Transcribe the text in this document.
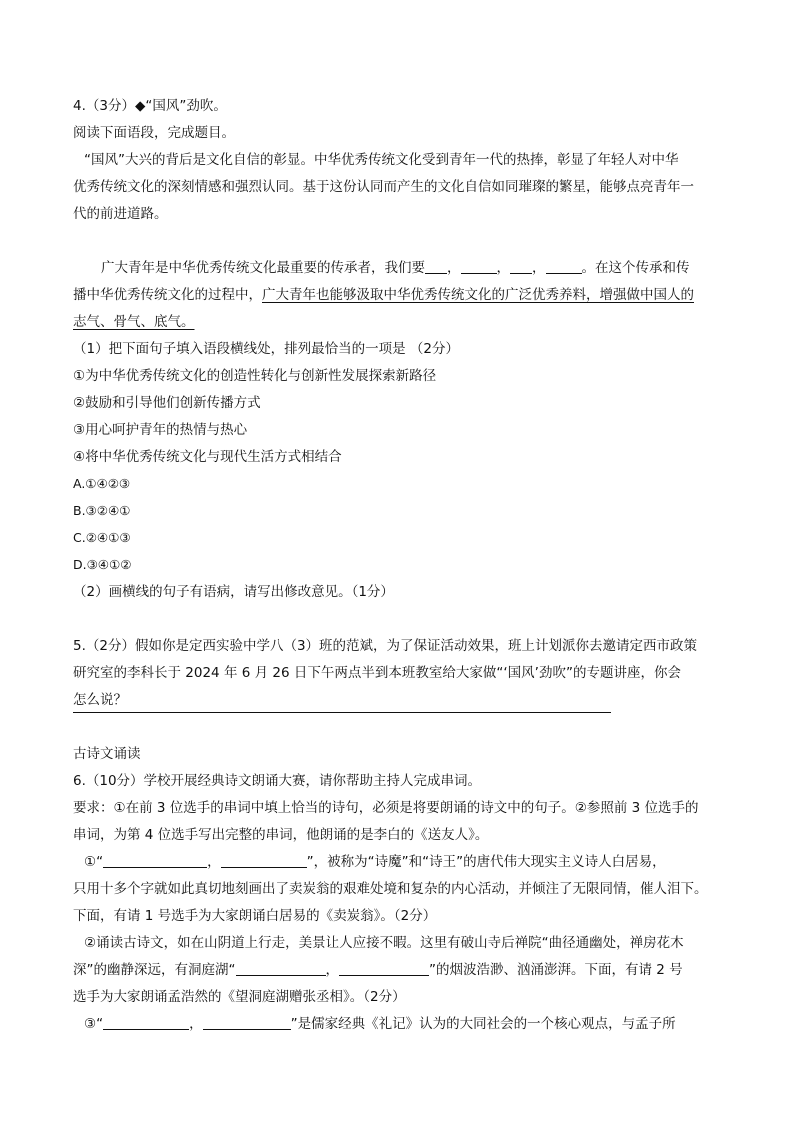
4.（3分）◆“国风”劲吹。
阅读下面语段，完成题目。
“国风”大兴的背后是文化自信的彰显。中华优秀传统文化受到青年一代的热捧，彰显了年轻人对中华
优秀传统文化的深刻情感和强烈认同。基于这份认同而产生的文化自信如同璀璨的繁星，能够点亮青年一
代的前进道路。
广大青年是中华优秀传统文化最重要的传承者，我们要 ，	， ，	。在这个传承和传
播中华优秀传统文化的过程中，广大青年也能够汲取中华优秀传统文化的广泛优秀养料，增强做中国人的
志气、骨气、底气。
（1）把下面句子填入语段横线处，排列最恰当的一项是 （2分）
①为中华优秀传统文化的创造性转化与创新性发展探索新路径
②鼓励和引导他们创新传播方式
③用心呵护青年的热情与热心
④将中华优秀传统文化与现代生活方式相结合
A.①④②③
B.③②④①
C.②④①③
D.③④①②
（2）画横线的句子有语病，请写出修改意见。（1分）
5.（2分）假如你是定西实验中学八（3）班的范斌，为了保证活动效果，班上计划派你去邀请定西市政策
研究室的李科长于 2024 年 6 月 26 日下午两点半到本班教室给大家做“‘国风’劲吹”的专题讲座，你会
怎么说？
古诗文诵读
6.（10分）学校开展经典诗文朗诵大赛，请你帮助主持人完成串词。
要求：①在前 3 位选手的串词中填上恰当的诗句，必须是将要朗诵的诗文中的句子。②参照前 3 位选手的
串词，为第 4 位选手写出完整的串词，他朗诵的是李白的《送友人》。
①“	，	”，被称为“诗魔”和“诗王”的唐代伟大现实主义诗人白居易，
只用十多个字就如此真切地刻画出了卖炭翁的艰难处境和复杂的内心活动，并倾注了无限同情，催人泪下。
下面，有请 1 号选手为大家朗诵白居易的《卖炭翁》。（2分）
②诵读古诗文，如在山阴道上行走，美景让人应接不暇。这里有破山寺后禅院“曲径通幽处，禅房花木
深”的幽静深远，有洞庭湖“	，	”的烟波浩渺、汹涌澎湃。下面，有请 2 号
选手为大家朗诵孟浩然的《望洞庭湖赠张丞相》。（2分）
③“	，	”是儒家经典《礼记》认为的大同社会的一个核心观点，与孟子所
